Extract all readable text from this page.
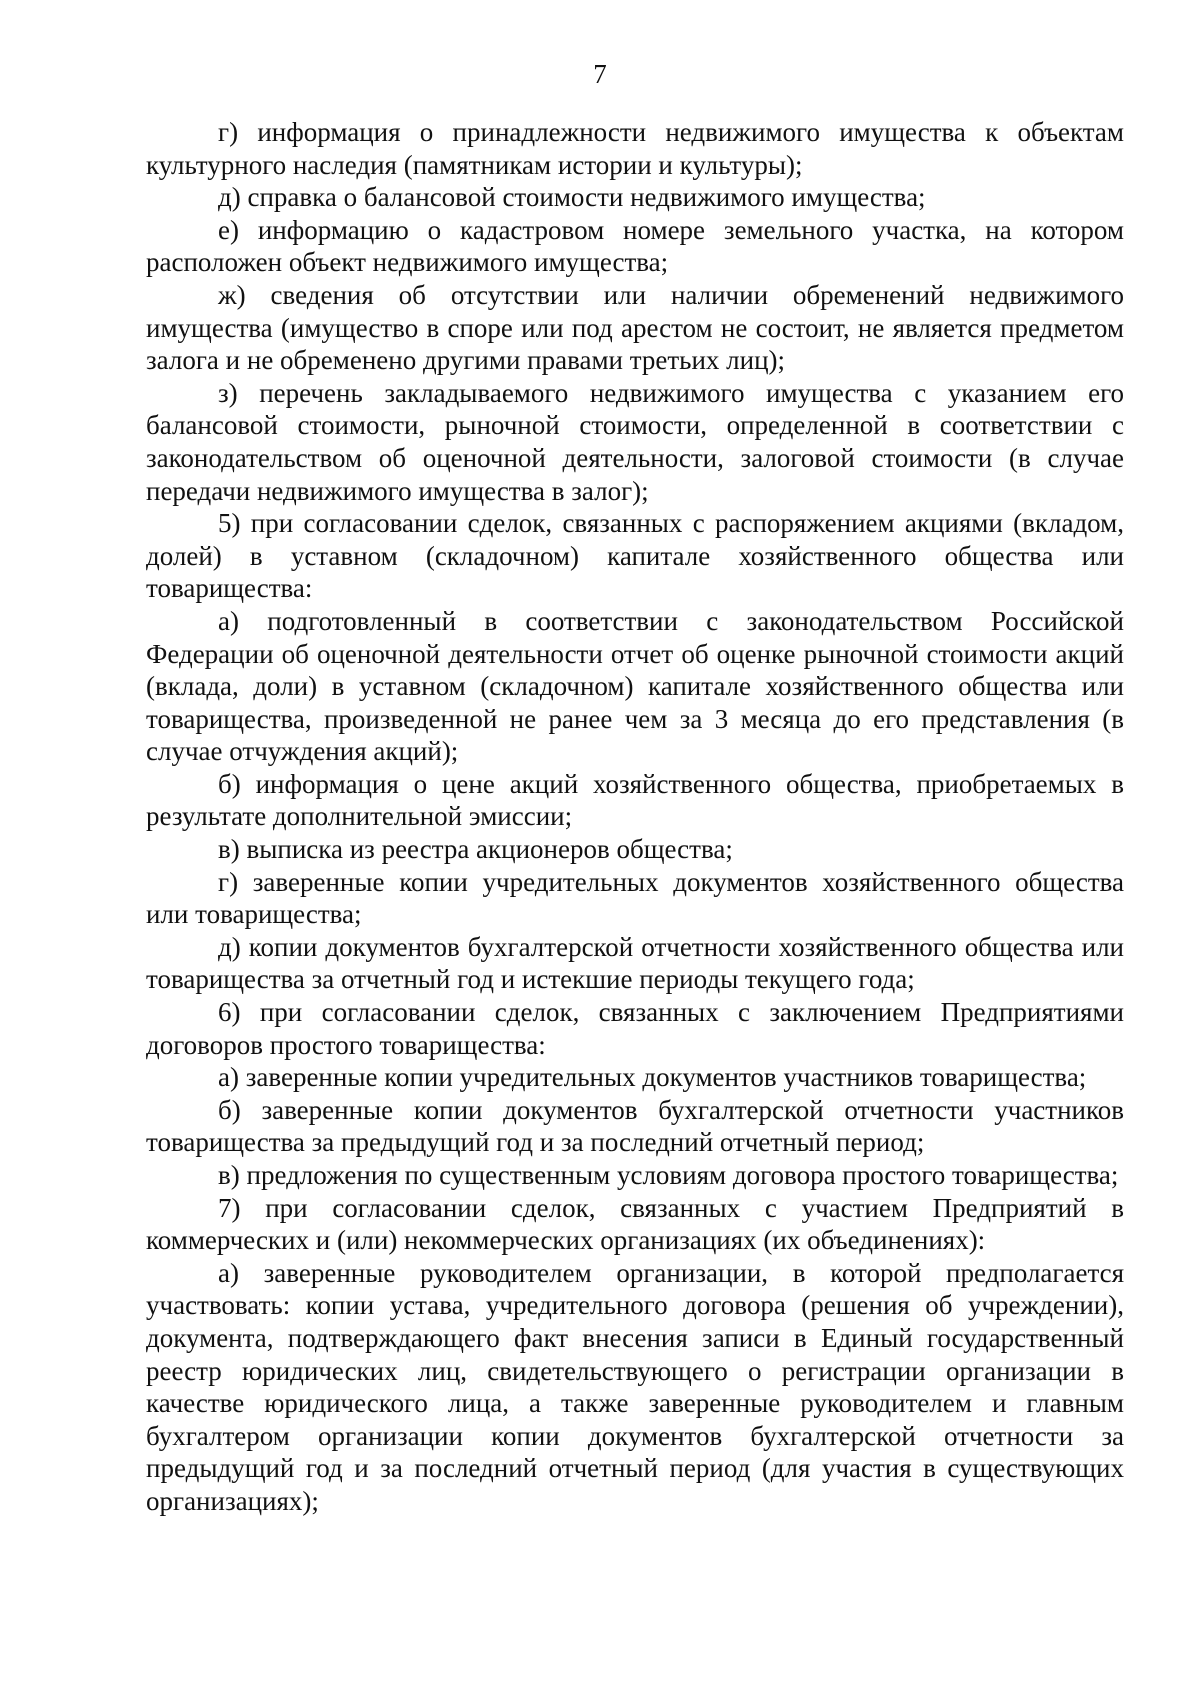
7

г) информация о принадлежности недвижимого имущества к объектам культурного наследия (памятникам истории и культуры);

д) справка о балансовой стоимости недвижимого имущества;

е) информацию о кадастровом номере земельного участка, на котором расположен объект недвижимого имущества;

ж) сведения об отсутствии или наличии обременений недвижимого имущества (имущество в споре или под арестом не состоит, не является предметом залога и не обременено другими правами третьих лиц);

з) перечень закладываемого недвижимого имущества с указанием его балансовой стоимости, рыночной стоимости, определенной в соответствии с законодательством об оценочной деятельности, залоговой стоимости (в случае передачи недвижимого имущества в залог);

5) при согласовании сделок, связанных с распоряжением акциями (вкладом, долей) в уставном (складочном) капитале хозяйственного общества или товарищества:

а) подготовленный в соответствии с законодательством Российской Федерации об оценочной деятельности отчет об оценке рыночной стоимости акций (вклада, доли) в уставном (складочном) капитале хозяйственного общества или товарищества, произведенной не ранее чем за 3 месяца до его представления (в случае отчуждения акций);

б) информация о цене акций хозяйственного общества, приобретаемых в результате дополнительной эмиссии;

в) выписка из реестра акционеров общества;

г) заверенные копии учредительных документов хозяйственного общества или товарищества;

д) копии документов бухгалтерской отчетности хозяйственного общества или товарищества за отчетный год и истекшие периоды текущего года;

6) при согласовании сделок, связанных с заключением Предприятиями договоров простого товарищества:

а) заверенные копии учредительных документов участников товарищества;

б) заверенные копии документов бухгалтерской отчетности участников товарищества за предыдущий год и за последний отчетный период;

в) предложения по существенным условиям договора простого товарищества;

7) при согласовании сделок, связанных с участием Предприятий в коммерческих и (или) некоммерческих организациях (их объединениях):

а) заверенные руководителем организации, в которой предполагается участвовать: копии устава, учредительного договора (решения об учреждении), документа, подтверждающего факт внесения записи в Единый государственный реестр юридических лиц, свидетельствующего о регистрации организации в качестве юридического лица, а также заверенные руководителем и главным бухгалтером организации копии документов бухгалтерской отчетности за предыдущий год и за последний отчетный период (для участия в существующих организациях);
